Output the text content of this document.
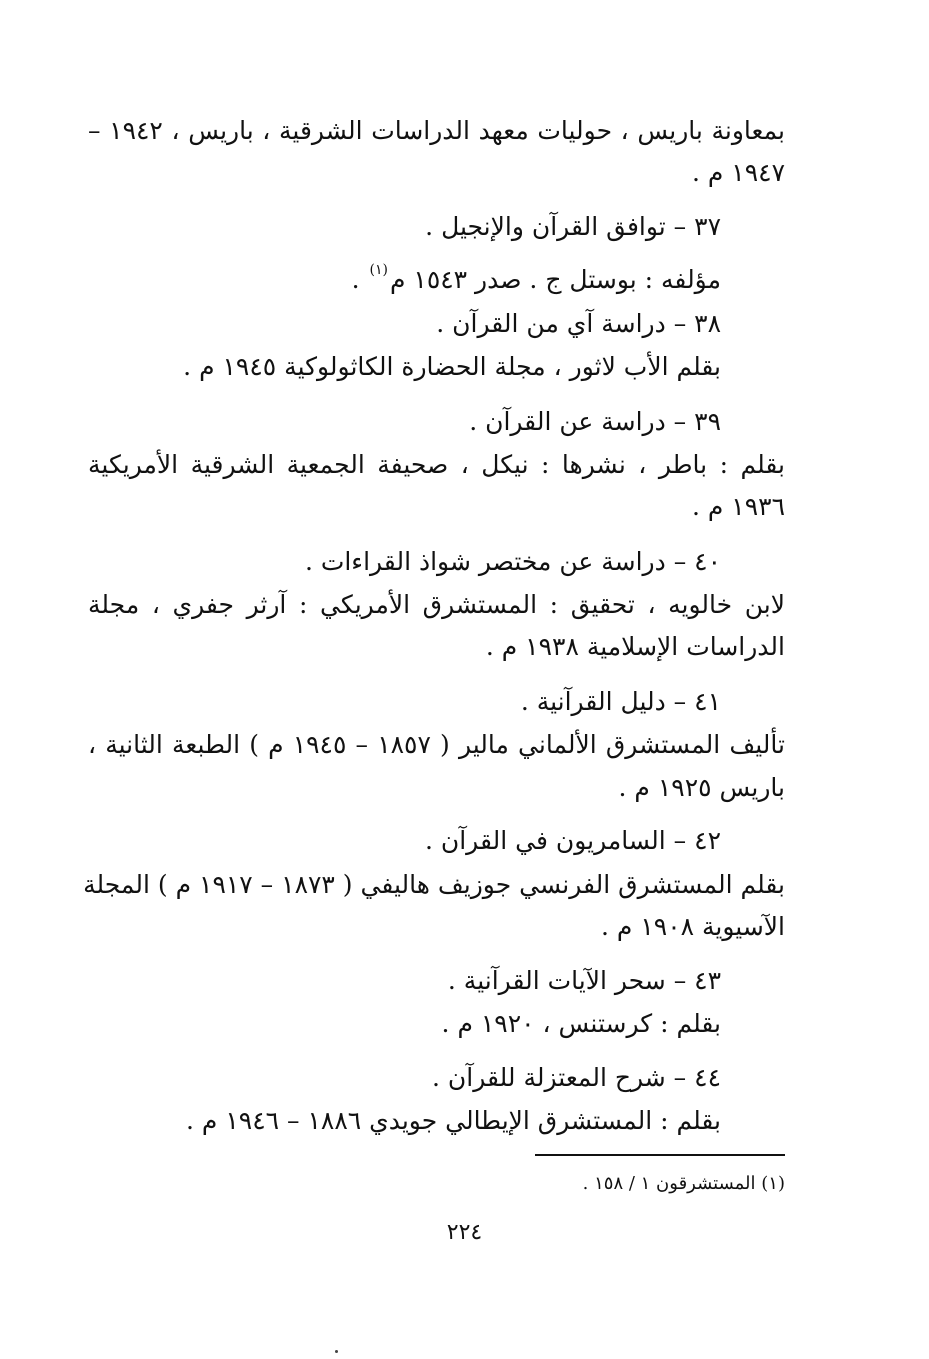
بمعاونة باريس ، حوليات معهد الدراسات الشرقية ، باريس ، ١٩٤٢ –
١٩٤٧ م .
٣٧ – توافق القرآن والإنجيل .
مؤلفه : بوستل ج . صدر ١٥٤٣ م$^{(١)}$ .
٣٨ – دراسة آي من القرآن .
بقلم الأب لاثور ، مجلة الحضارة الكاثولوكية ١٩٤٥ م .
٣٩ – دراسة عن القرآن .
بقلم : باطر ، نشرها : نيكل ، صحيفة الجمعية الشرقية الأمريكية
١٩٣٦ م .
٤٠ – دراسة عن مختصر شواذ القراءات .
لابن خالويه ، تحقيق : المستشرق الأمريكي : آرثر جفري ، مجلة
الدراسات الإسلامية ١٩٣٨ م .
٤١ – دليل القرآنية .
تأليف المستشرق الألماني مالير ( ١٨٥٧ – ١٩٤٥ م ) الطبعة الثانية ،
باريس ١٩٢٥ م .
٤٢ – السامريون في القرآن .
بقلم المستشرق الفرنسي جوزيف هاليفي ( ١٨٧٣ – ١٩١٧ م ) المجلة
الآسيوية ١٩٠٨ م .
٤٣ – سحر الآيات القرآنية .
بقلم : كرستنس ، ١٩٢٠ م .
٤٤ – شرح المعتزلة للقرآن .
بقلم : المستشرق الإيطالي جويدي ١٨٨٦ – ١٩٤٦ م .
(١) المستشرقون ١ / ١٥٨ .
٢٢٤
